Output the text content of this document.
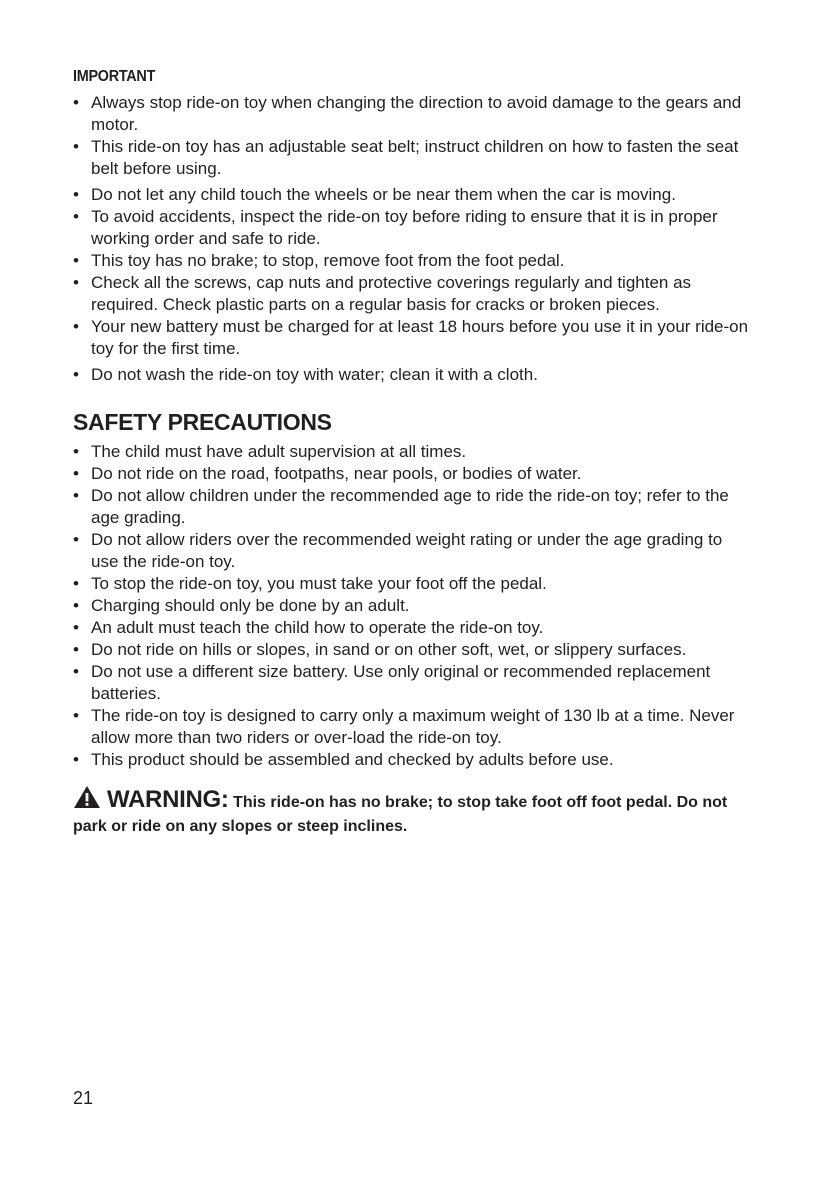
IMPORTANT
• Always stop ride-on toy when changing the direction to avoid damage to the gears and motor.
• This ride-on toy has an adjustable seat belt; instruct children on how to fasten the seat belt before using.
• Do not let any child touch the wheels or be near them when the car is moving.
• To avoid accidents, inspect the ride-on toy before riding to ensure that it is in proper working order and safe to ride.
• This toy has no brake; to stop, remove foot from the foot pedal.
• Check all the screws, cap nuts and protective coverings regularly and tighten as required. Check plastic parts on a regular basis for cracks or broken pieces.
• Your new battery must be charged for at least 18 hours before you use it in your ride-on toy for the first time.
• Do not wash the ride-on toy with water; clean it with a cloth.
SAFETY PRECAUTIONS
• The child must have adult supervision at all times.
• Do not ride on the road, footpaths, near pools, or bodies of water.
• Do not allow children under the recommended age to ride the ride-on toy; refer to the age grading.
• Do not allow riders over the recommended weight rating or under the age grading to use the ride-on toy.
• To stop the ride-on toy, you must take your foot off the pedal.
• Charging should only be done by an adult.
• An adult must teach the child how to operate the ride-on toy.
• Do not ride on hills or slopes, in sand or on other soft, wet, or slippery surfaces.
• Do not use a different size battery. Use only original or recommended replacement batteries.
• The ride-on toy is designed to carry only a maximum weight of 130 lb at a time. Never allow more than two riders or over-load the ride-on toy.
• This product should be assembled and checked by adults before use.
WARNING: This ride-on has no brake; to stop take foot off foot pedal. Do not park or ride on any slopes or steep inclines.
21
